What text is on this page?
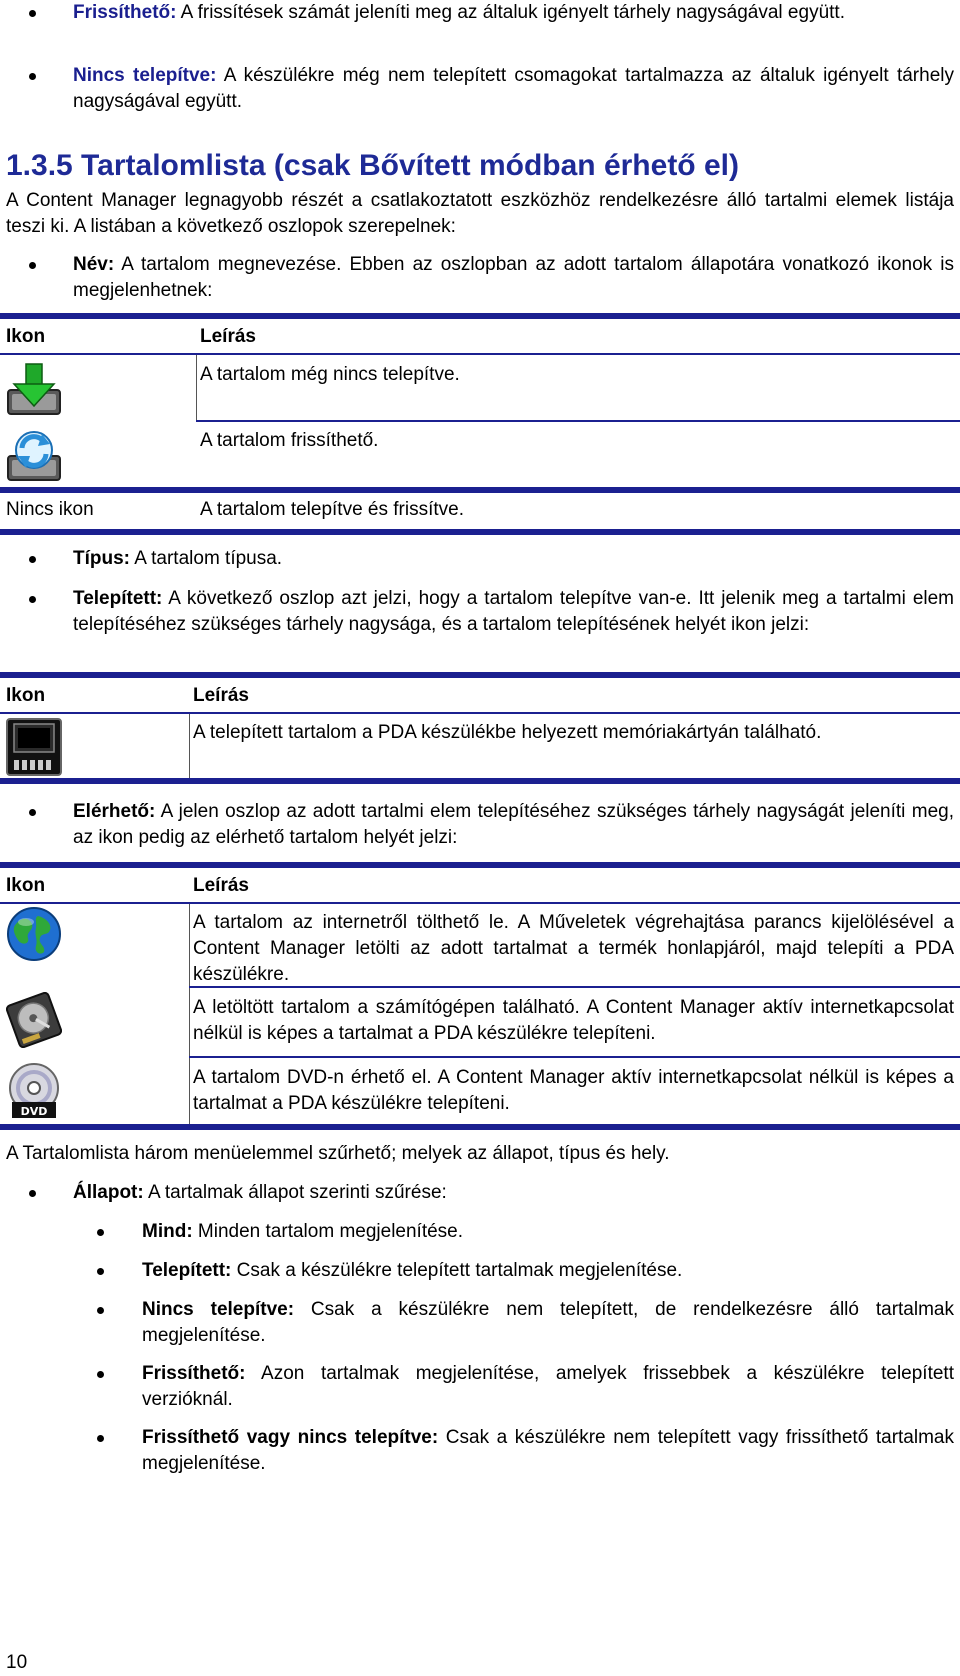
Frissíthető: A frissítések számát jeleníti meg az általuk igényelt tárhely nagyságával együtt.
Nincs telepítve: A készülékre még nem telepített csomagokat tartalmazza az általuk igényelt tárhely nagyságával együtt.
1.3.5 Tartalomlista (csak Bővített módban érhető el)
A Content Manager legnagyobb részét a csatlakoztatott eszközhöz rendelkezésre álló tartalmi elemek listája teszi ki. A listában a következő oszlopok szerepelnek:
Név: A tartalom megnevezése. Ebben az oszlopban az adott tartalom állapotára vonatkozó ikonok is megjelenhetnek:
Ikon	Leírás
A tartalom még nincs telepítve.
A tartalom frissíthető.
Nincs ikon	A tartalom telepítve és frissítve.
Típus: A tartalom típusa.
Telepített: A következő oszlop azt jelzi, hogy a tartalom telepítve van-e. Itt jelenik meg a tartalmi elem telepítéséhez szükséges tárhely nagysága, és a tartalom telepítésének helyét ikon jelzi:
Ikon	Leírás
A telepített tartalom a PDA készülékbe helyezett memóriakártyán található.
Elérhető: A jelen oszlop az adott tartalmi elem telepítéséhez szükséges tárhely nagyságát jeleníti meg, az ikon pedig az elérhető tartalom helyét jelzi:
Ikon	Leírás
A tartalom az internetről tölthető le. A Műveletek végrehajtása parancs kijelölésével a Content Manager letölti az adott tartalmat a termék honlapjáról, majd telepíti a PDA készülékre.
A letöltött tartalom a számítógépen található. A Content Manager aktív internetkapcsolat nélkül is képes a tartalmat a PDA készülékre telepíteni.
DVD
A tartalom DVD-n érhető el. A Content Manager aktív internetkapcsolat nélkül is képes a tartalmat a PDA készülékre telepíteni.
A Tartalomlista három menüelemmel szűrhető; melyek az állapot, típus és hely.
Állapot: A tartalmak állapot szerinti szűrése:
Mind: Minden tartalom megjelenítése.
Telepített: Csak a készülékre telepített tartalmak megjelenítése.
Nincs telepítve: Csak a készülékre nem telepített, de rendelkezésre álló tartalmak megjelenítése.
Frissíthető: Azon tartalmak megjelenítése, amelyek frissebbek a készülékre telepített verzióknál.
Frissíthető vagy nincs telepítve: Csak a készülékre nem telepített vagy frissíthető tartalmak megjelenítése.
10
